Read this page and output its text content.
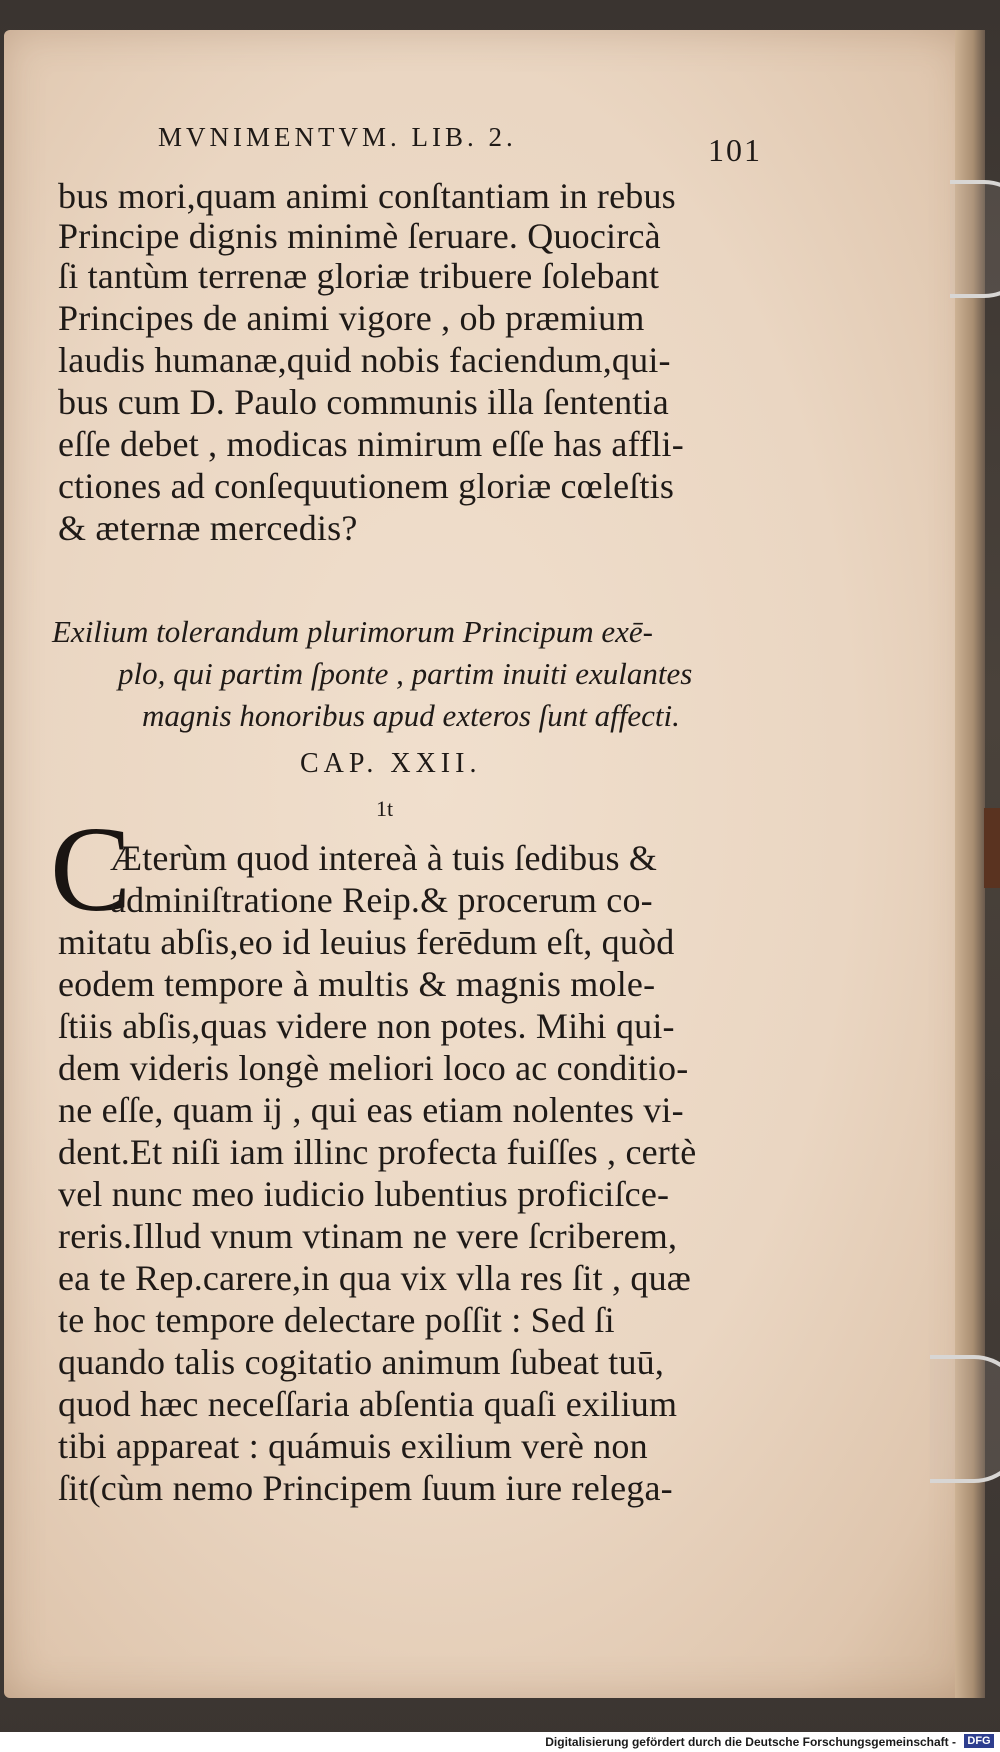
MVNIMENTVM. LIB. 2.	101
bus mori,quam animi conſtantiam in rebus
Principe dignis minimè ſeruare. Quocircà
ſi tantùm terrenæ gloriæ tribuere ſolebant
Principes de animi vigore , ob præmium
laudis humanæ,quid nobis faciendum,qui-
bus cum D. Paulo communis illa ſententia
eſſe debet , modicas nimirum eſſe has affli-
ctiones ad conſequutionem gloriæ cœleſtis
& æternæ mercedis?
Exilium tolerandum plurimorum Principum exē-
plo, qui partim ſponte , partim inuiti exulantes
magnis honoribus apud exteros ſunt affecti.
CAP. XXII.
1t
C
Æterùm quod intereà à tuis ſedibus &
adminiſtratione Reip.& procerum co-
mitatu abſis,eo id leuius ferēdum eſt, quòd
eodem tempore à multis & magnis mole-
ſtiis abſis,quas videre non potes. Mihi qui-
dem videris longè meliori loco ac conditio-
ne eſſe, quam ij , qui eas etiam nolentes vi-
dent.Et niſi iam illinc profecta fuiſſes , certè
vel nunc meo iudicio lubentius proficiſce-
reris.Illud vnum vtinam ne vere ſcriberem,
ea te Rep.carere,in qua vix vlla res ſit , quæ
te hoc tempore delectare poſſit : Sed ſi
quando talis cogitatio animum ſubeat tuū,
quod hæc neceſſaria abſentia quaſi exilium
tibi appareat : quámuis exilium verè non
ſit(cùm nemo Principem ſuum iure relega-
Digitalisierung gefördert durch die Deutsche Forschungsgemeinschaft -	DFG
